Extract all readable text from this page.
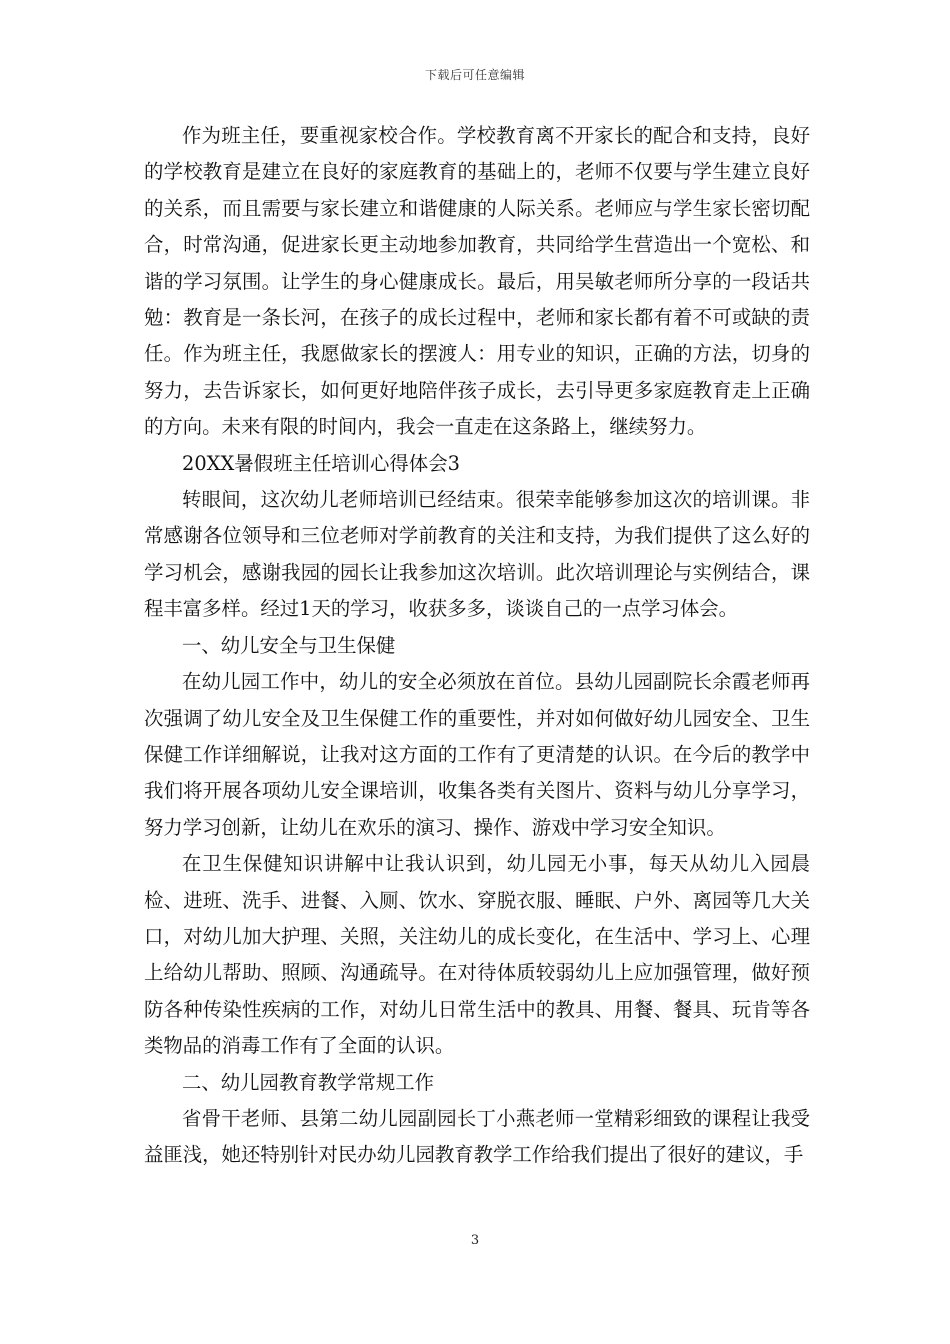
下载后可任意编辑

作为班主任，要重视家校合作。学校教育离不开家长的配合和支持，良好的学校教育是建立在良好的家庭教育的基础上的，老师不仅要与学生建立良好的关系，而且需要与家长建立和谐健康的人际关系。老师应与学生家长密切配合，时常沟通，促进家长更主动地参加教育，共同给学生营造出一个宽松、和谐的学习氛围。让学生的身心健康成长。最后，用吴敏老师所分享的一段话共勉：教育是一条长河，在孩子的成长过程中，老师和家长都有着不可或缺的责任。作为班主任，我愿做家长的摆渡人：用专业的知识，正确的方法，切身的努力，去告诉家长，如何更好地陪伴孩子成长，去引导更多家庭教育走上正确的方向。未来有限的时间内，我会一直走在这条路上，继续努力。

20XX暑假班主任培训心得体会3

转眼间，这次幼儿老师培训已经结束。很荣幸能够参加这次的培训课。非常感谢各位领导和三位老师对学前教育的关注和支持，为我们提供了这么好的学习机会，感谢我园的园长让我参加这次培训。此次培训理论与实例结合，课程丰富多样。经过1天的学习，收获多多，谈谈自己的一点学习体会。

一、幼儿安全与卫生保健

在幼儿园工作中，幼儿的安全必须放在首位。县幼儿园副院长余霞老师再次强调了幼儿安全及卫生保健工作的重要性，并对如何做好幼儿园安全、卫生保健工作详细解说，让我对这方面的工作有了更清楚的认识。在今后的教学中我们将开展各项幼儿安全课培训，收集各类有关图片、资料与幼儿分享学习，努力学习创新，让幼儿在欢乐的演习、操作、游戏中学习安全知识。

在卫生保健知识讲解中让我认识到，幼儿园无小事，每天从幼儿入园晨检、进班、洗手、进餐、入厕、饮水、穿脱衣服、睡眠、户外、离园等几大关口，对幼儿加大护理、关照，关注幼儿的成长变化，在生活中、学习上、心理上给幼儿帮助、照顾、沟通疏导。在对待体质较弱幼儿上应加强管理，做好预防各种传染性疾病的工作，对幼儿日常生活中的教具、用餐、餐具、玩肯等各类物品的消毒工作有了全面的认识。

二、幼儿园教育教学常规工作

省骨干老师、县第二幼儿园副园长丁小燕老师一堂精彩细致的课程让我受益匪浅，她还特别针对民办幼儿园教育教学工作给我们提出了很好的建议，手

3
